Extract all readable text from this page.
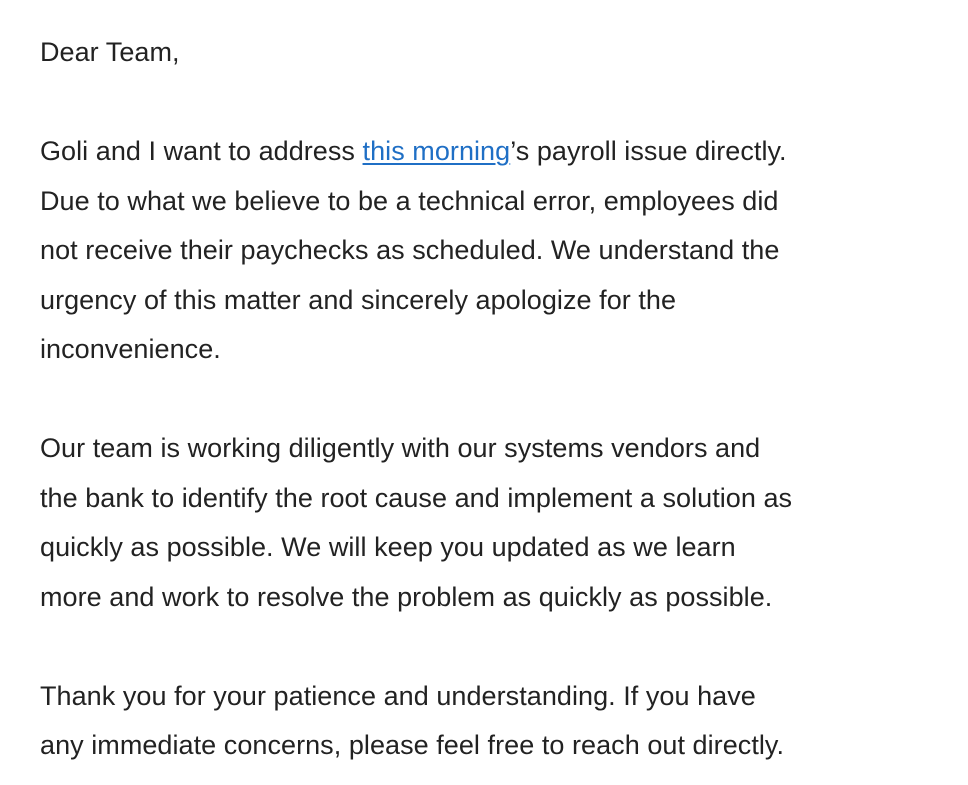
Dear Team,
Goli and I want to address this morning’s payroll issue directly.
Due to what we believe to be a technical error, employees did
not receive their paychecks as scheduled. We understand the
urgency of this matter and sincerely apologize for the
inconvenience.
Our team is working diligently with our systems vendors and
the bank to identify the root cause and implement a solution as
quickly as possible. We will keep you updated as we learn
more and work to resolve the problem as quickly as possible.
Thank you for your patience and understanding. If you have
any immediate concerns, please feel free to reach out directly.
